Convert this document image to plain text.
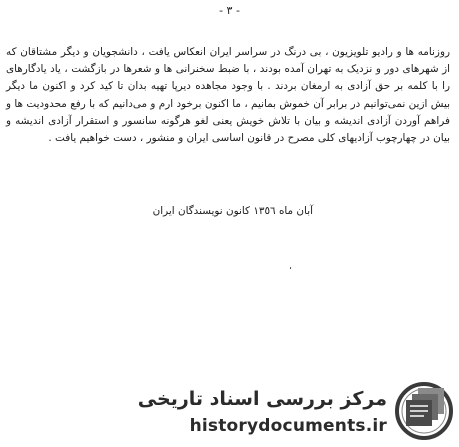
- ٣ -

روزنامه ها و رادیو تلویزیون ، بی درنگ در سراسر ایران انعکاس یافت ، دانشجویان و دیگر مشتاقان که از شهرهای دور و نزدیک به تهران آمده بودند ، با ضبط سخنرانی ها و شعرها در بازگشت ، یاد یادگارهای را با کلمه بر حق آزادی به ارمغان بردند . با وجود مجاهده دیرپا تهیه بدان تا کید کرد و اکنون ما دیگر بیش ازین نمی‌توانیم در برابر آن خموش بمانیم ، ما اکنون برخود ارم و می‌دانیم که با رفع محدودیت ها و فراهم آوردن آزادی اندیشه و بیان با تلاش خویش یعنی لغو هرگونه سانسور و استقرار آزادی اندیشه و بیان در چهارچوب آزادیهای کلی مصرح در قانون اساسی ایران و منشور ، دست خواهیم یافت .

آبان ماه ١٣٥٦ کانون نویسندگان ایران
،
مرکز بررسی اسناد تاریخی
historydocuments.ir
